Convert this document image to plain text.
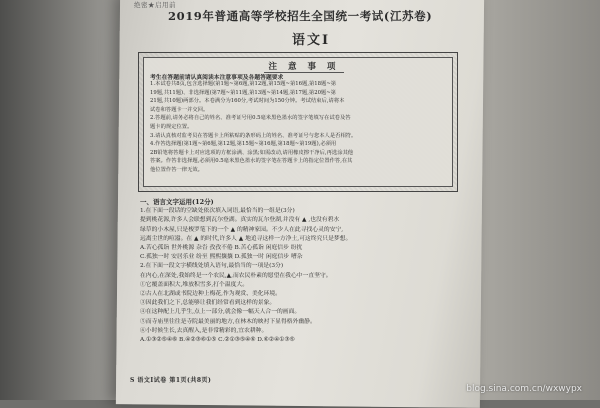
绝密★启用前
2019年普通高等学校招生全国统一考试(江苏卷)
语文Ⅰ
注 意 事 项
考生在答题前请认真阅读本注意事项及各题答题要求
1.本试卷共8页,包含选择题(第1题~第6题,第12题,第15题~第16题,第18题~第
19题,共11题)、非选择题(第7题~第11题,第13题~第14题,第17题,第20题~第
21题,共10题)两部分。本卷满分为160分,考试时间为150分钟。考试结束后,请将本
试卷和答题卡一并交回。
2.答题前,请务必将自己的姓名、准考证号用0.5毫米黑色墨水的签字笔填写在试卷及答
题卡的规定位置。
3.请认真核对监考员在答题卡上所粘贴的条形码上的姓名、准考证号与您本人是否相符。
4.作答选择题(第1题~第6题,第12题,第15题~第16题,第18题~第19题),必须用
2B铅笔将答题卡上对应选项的方框涂满、涂黑;如需改动,请用橡皮擦干净后,再选涂其他
答案。作答非选择题,必须用0.5毫米黑色墨水的签字笔在答题卡上的指定位置作答,在其
他位置作答一律无效。
一、语言文字运用(12分)
1.在下面一段话的空缺处依次填入词语,最恰当的一组是(3分)
提到桃花源,许多人会联想到瓦尔登湖。真实的瓦尔登湖,并没有 ▲ ,也没有碧水
绿草的小木屋,只是梭罗笔下的一个 ▲ 的精神家园。不少人在此寻找心灵的安宁,
远离尘世的喧嚣。在 ▲ 的时代,许多人 ▲ 地追寻这样一方净土,可这终究只是梦想。
A.苦心孤诣 世外桃源 杂沓 孜孜不倦 B.苦心孤诣 闲庭信步 纷扰
C.孤独一时 安居乐业 纷至 熙熙攘攘 D.孤独一时 闲庭信步 嘈杂
2.在下面一段文字横线处填入语句,最恰当的一项是(3分)
在内心,在深处,我始终是一个农民,▲,而农民朴素的愿望在我心中一直坚守。
①它覆盖面积大,堆放积雪多,打个温度大。
②古人在北湖或书院边种上梅花,作为观赏、美化环境。
③因此我们之下,总能够让我们经常看到这样的景象。
④在这种配上几乎生,点上一部分,就会像一幅天人合一的画面。
⑤而寺庙里往往是寺院最美丽的地方,在林木的映衬下显得格外幽静。
⑥小时候生长,去真醒入,是非常精彩的,宜农耕种。
A.①③②⑤④⑥ B.④②③⑥①⑤ C.②①③⑤④⑥ D.⑥②④①③⑤
S 语文Ⅰ试卷 第1页(共8页)
blog.sina.com.cn/wxwypx
